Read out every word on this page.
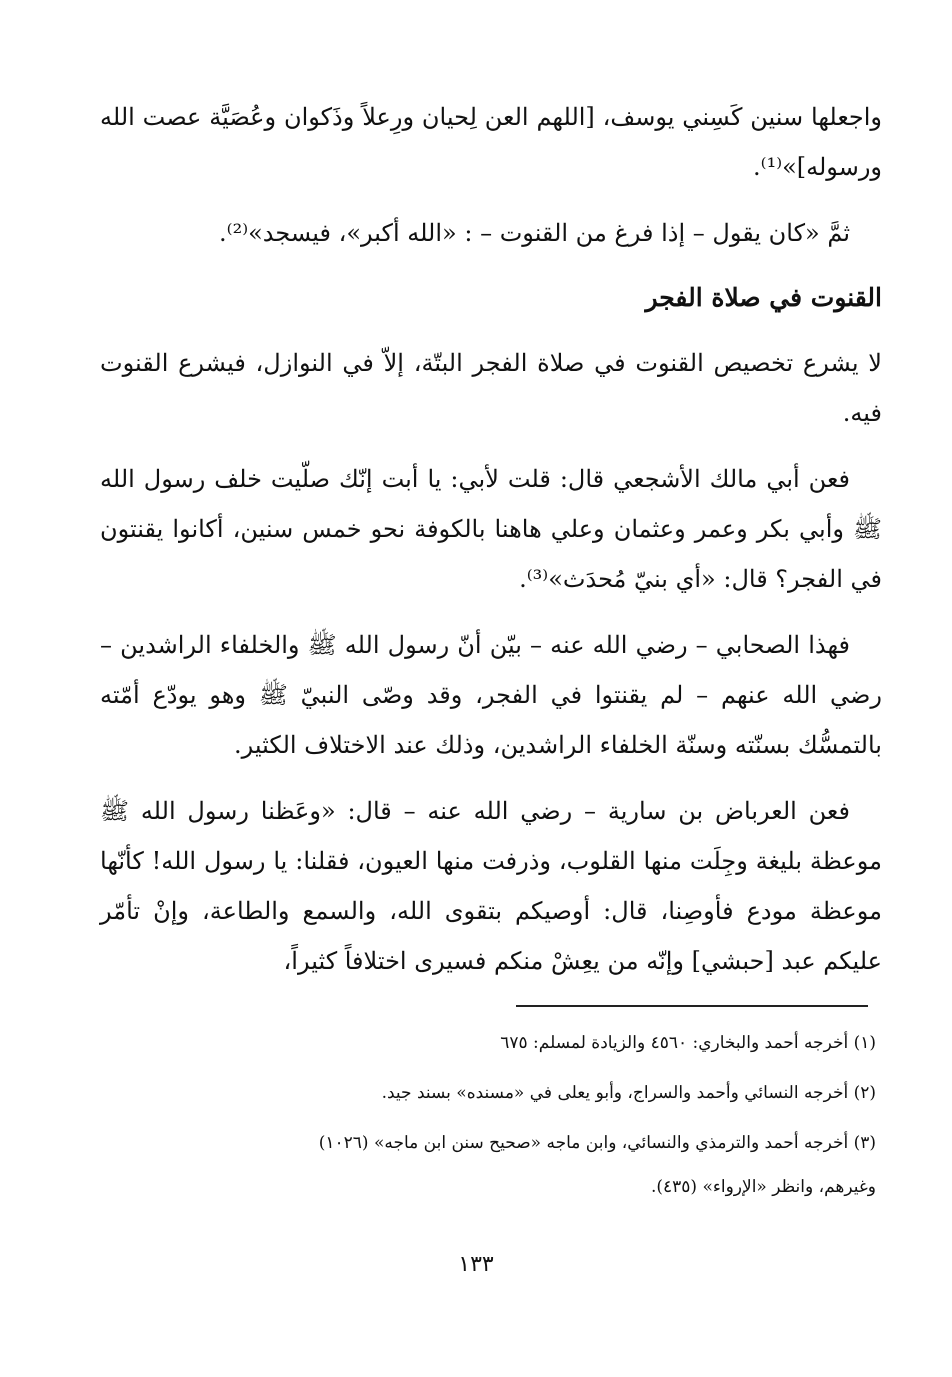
واجعلها سنين كَسِني يوسف، [اللهم العن لِحيان ورِعلاً وذَكوان وعُصَيَّة عصت الله ورسوله]»⁽¹⁾.

ثمَّ «كان يقول – إذا فرغ من القنوت – : «الله أكبر»، فيسجد»⁽²⁾.

القنوت في صلاة الفجر

لا يشرع تخصيص القنوت في صلاة الفجر البتّة، إلاّ في النوازل، فيشرع القنوت فيه.

فعن أبي مالك الأشجعي قال: قلت لأبي: يا أبت إنّك صلّيت خلف رسول الله ﷺ وأبي بكر وعمر وعثمان وعلي هاهنا بالكوفة نحو خمس سنين، أكانوا يقنتون في الفجر؟ قال: «أي بنيّ مُحدَث»⁽³⁾.

فهذا الصحابي – رضي الله عنه – بيّن أنّ رسول الله ﷺ والخلفاء الراشدين – رضي الله عنهم – لم يقنتوا في الفجر، وقد وصّى النبيّ ﷺ وهو يودّع أمّته بالتمسُّك بسنّته وسنّة الخلفاء الراشدين، وذلك عند الاختلاف الكثير.

فعن العرباض بن سارية – رضي الله عنه – قال: «وعَظنا رسول الله ﷺ موعظة بليغة وجِلَت منها القلوب، وذرفت منها العيون، فقلنا: يا رسول الله! كأنّها موعظة مودع فأوصِنا، قال: أوصيكم بتقوى الله، والسمع والطاعة، وإنْ تأمّر عليكم عبد [حبشي] وإنّه من يعِشْ منكم فسيرى اختلافاً كثيراً،

(١) أخرجه أحمد والبخاري: ٤٥٦٠ والزيادة لمسلم: ٦٧٥

(٢) أخرجه النسائي وأحمد والسراج، وأبو يعلى في «مسنده» بسند جيد.

(٣) أخرجه أحمد والترمذي والنسائي، وابن ماجه «صحيح سنن ابن ماجه» (١٠٢٦)

وغيرهم، وانظر «الإرواء» (٤٣٥).

١٣٣
